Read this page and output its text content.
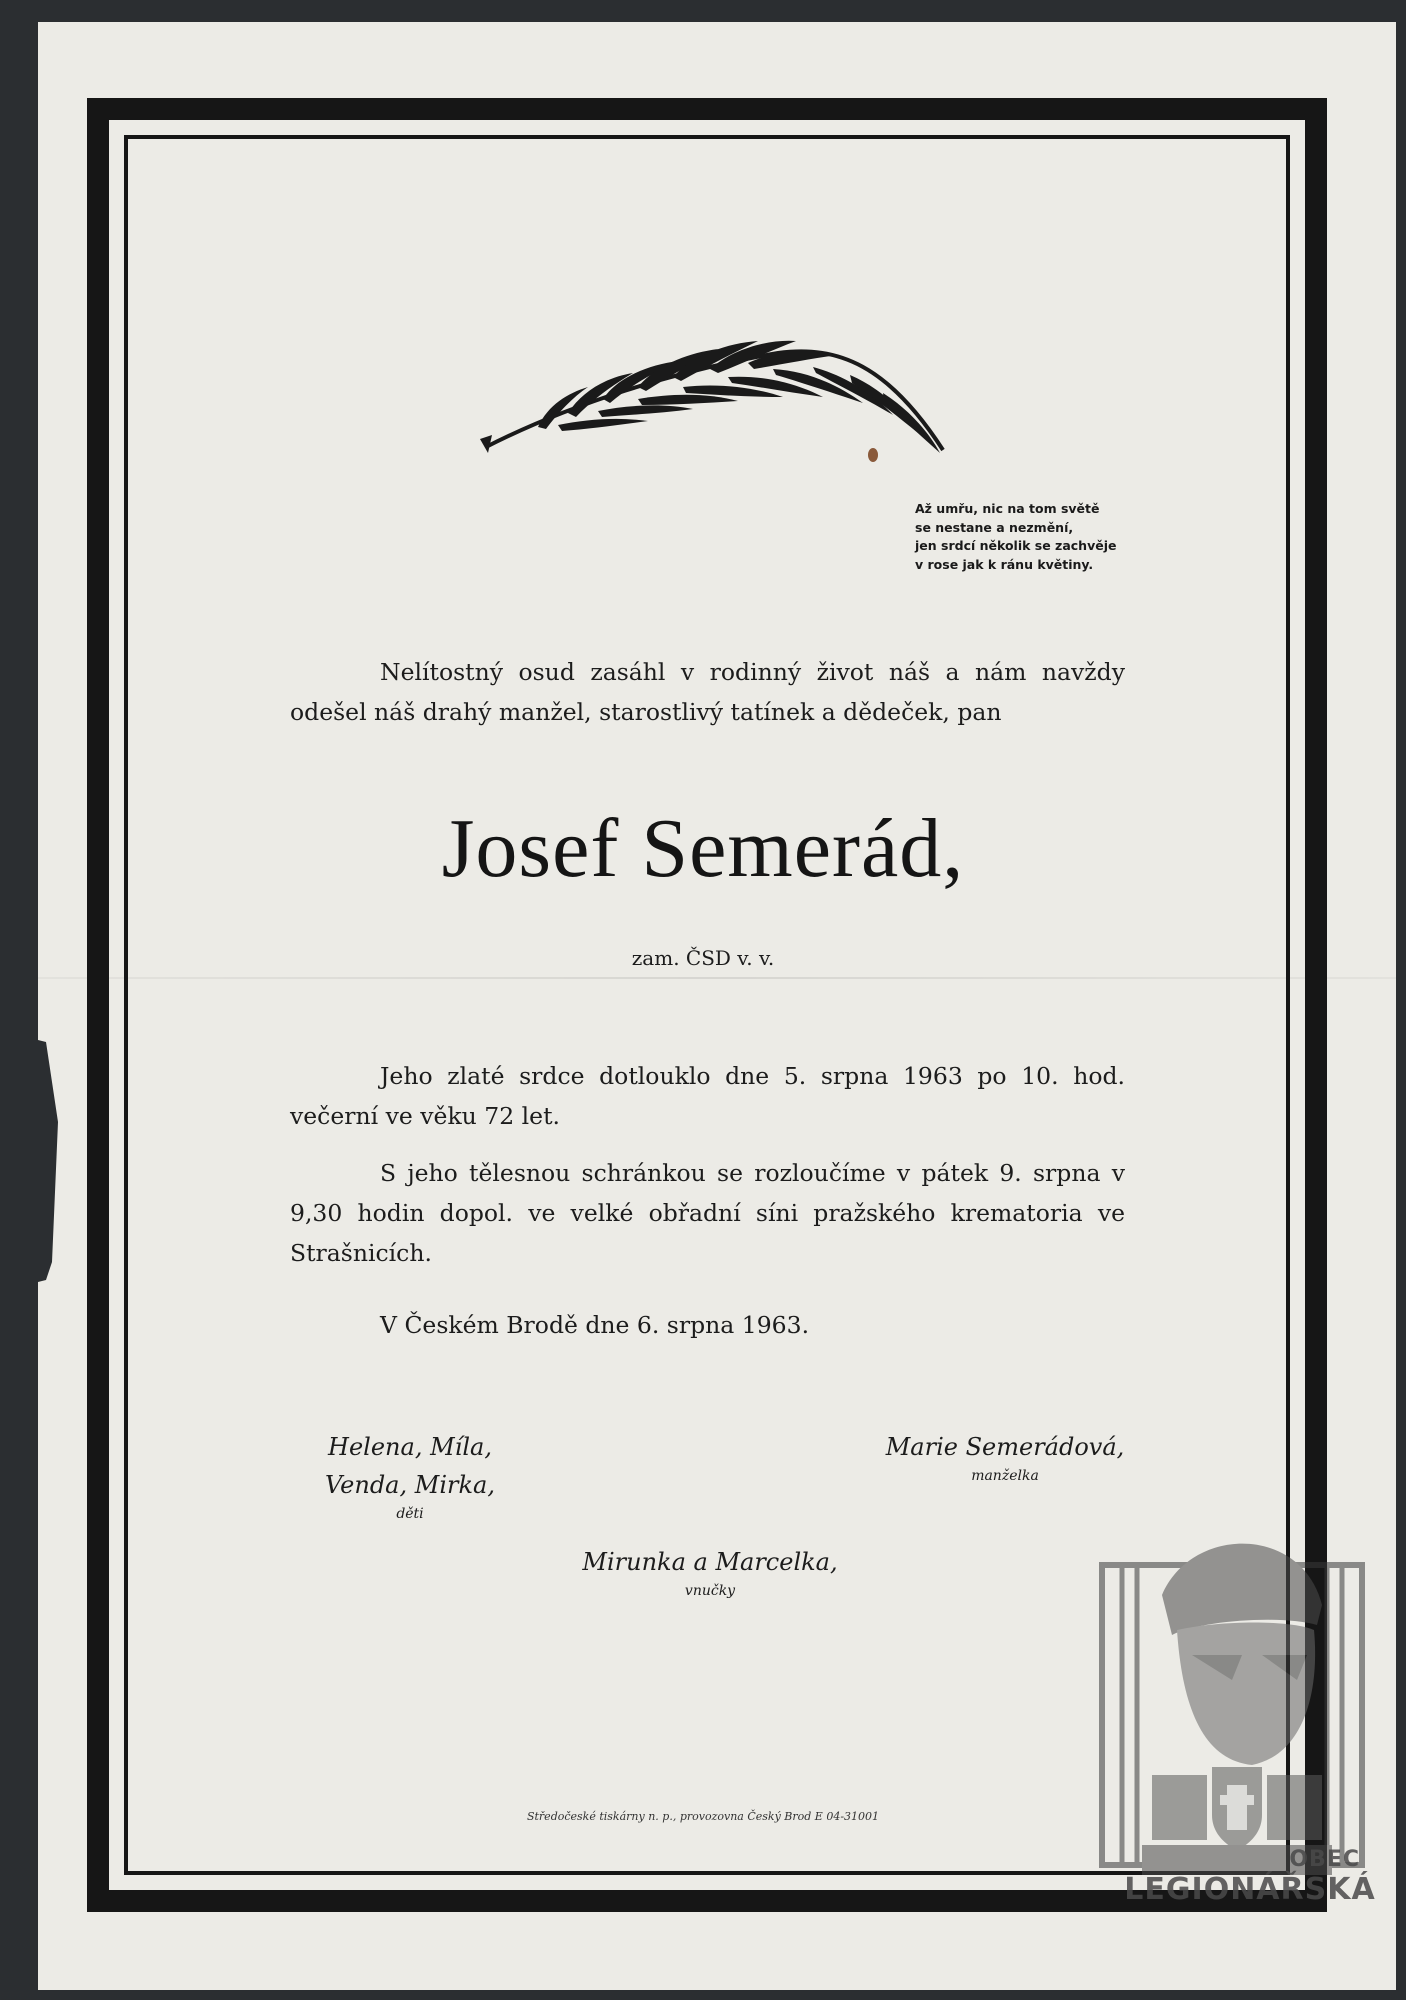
Až umřu, nic na tom světě
se nestane a nezmění,
jen srdcí několik se zachvěje
v rose jak k ránu květiny.
Nelítostný osud zasáhl v rodinný život náš a nám navždy odešel náš drahý manžel, starostlivý tatínek a dědeček, pan
Josef Semerád,
zam. ČSD v. v.
Jeho zlaté srdce dotlouklo dne 5. srpna 1963 po 10. hod. večerní ve věku 72 let.
S jeho tělesnou schránkou se rozloučíme v pátek 9. srpna v 9,30 hodin dopol. ve velké obřadní síni pražského krematoria ve Strašnicích.
V Českém Brodě dne 6. srpna 1963.
Helena, Míla,
Venda, Mirka,
děti
Marie Semerádová,
manželka
Mirunka a Marcelka,
vnučky
Středočeské tiskárny n. p., provozovna Český Brod E 04-31001
OBEC
LEGIONÁŘSKÁ
